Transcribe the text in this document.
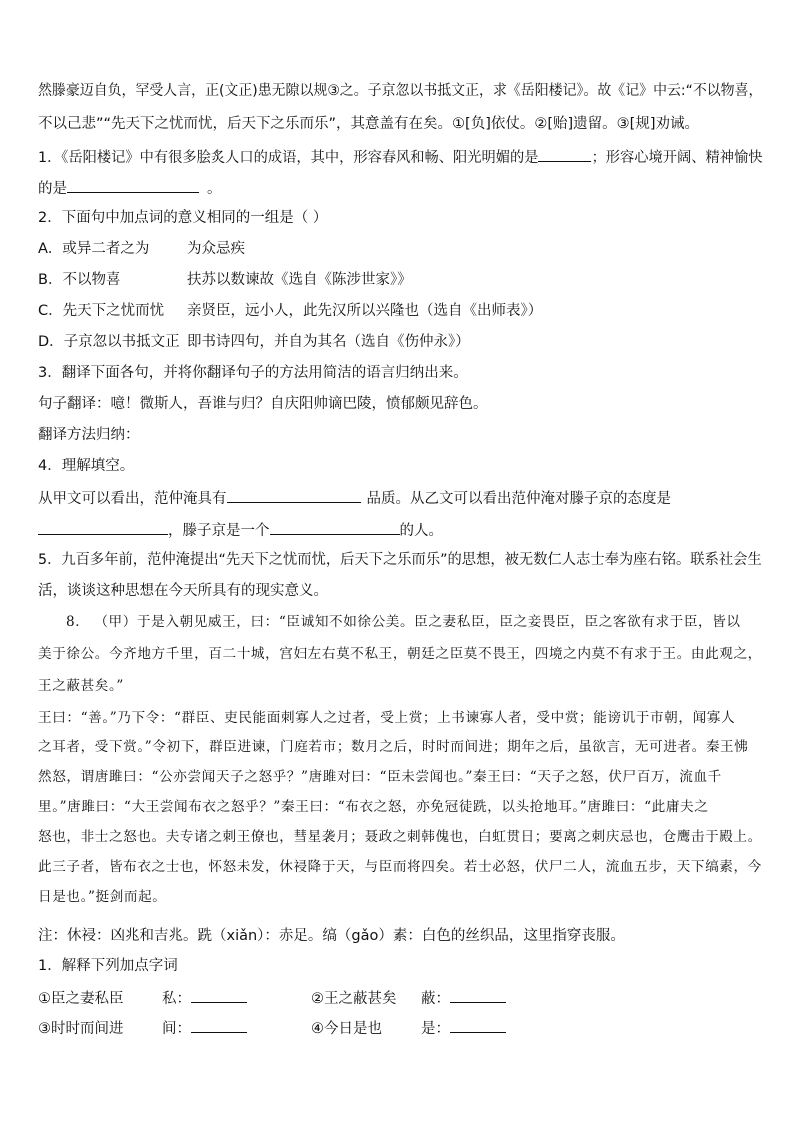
然滕豪迈自负，罕受人言，正(文正)患无隙以规③之。子京忽以书抵文正，求《岳阳楼记》。故《记》中云:“不以物喜，
不以己悲”“先天下之忧而忧，后天下之乐而乐”，其意盖有在矣。①[负]依仗。②[贻]遗留。③[规]劝诫。
1．《岳阳楼记》中有很多脍炙人口的成语，其中，形容春风和畅、阳光明媚的是	；形容心境开阔、精神愉快
的是	。
2．下面句中加点词的意义相同的一组是（ ）
A．或异二者之为	为众忌疾
B．不以物喜	扶苏以数谏故《选自《陈涉世家》》
C．先天下之忧而忧 亲贤臣，远小人，此先汉所以兴隆也（选自《出师表》）
D．子京忽以书抵文正 即书诗四句，并自为其名（选自《伤仲永》）
3．翻译下面各句，并将你翻译句子的方法用简洁的语言归纳出来。
句子翻译：噫！微斯人，吾谁与归？自庆阳帅谪巴陵，愤郁颇见辞色。
翻译方法归纳：
4．理解填空。
从甲文可以看出，范仲淹具有	品质。从乙文可以看出范仲淹对滕子京的态度是
，滕子京是一个	的人。
5．九百多年前，范仲淹提出“先天下之忧而忧，后天下之乐而乐”的思想，被无数仁人志士奉为座右铭。联系社会生
活，谈谈这种思想在今天所具有的现实意义。
8． （甲）于是入朝见威王，曰：“臣诚知不如徐公美。臣之妻私臣，臣之妾畏臣，臣之客欲有求于臣，皆以
美于徐公。今齐地方千里，百二十城，宫妇左右莫不私王，朝廷之臣莫不畏王，四境之内莫不有求于王。由此观之，
王之蔽甚矣。”
王曰：“善。”乃下令：“群臣、吏民能面刺寡人之过者，受上赏；上书谏寡人者，受中赏；能谤讥于市朝，闻寡人
之耳者，受下赏。”令初下，群臣进谏，门庭若市；数月之后，时时而间进；期年之后，虽欲言，无可进者。秦王怫
然怒，谓唐雎曰：“公亦尝闻天子之怒乎？”唐雎对曰：“臣未尝闻也。”秦王曰：“天子之怒，伏尸百万，流血千
里。”唐雎曰：“大王尝闻布衣之怒乎？”秦王曰：“布衣之怒，亦免冠徒跣，以头抢地耳。”唐雎曰：“此庸夫之
怒也，非士之怒也。夫专诸之刺王僚也，彗星袭月；聂政之刺韩傀也，白虹贯日；要离之刺庆忌也，仓鹰击于殿上。
此三子者，皆布衣之士也，怀怒未发，休祲降于天，与臣而将四矣。若士必怒，伏尸二人，流血五步，天下缟素，今
日是也。”挺剑而起。
注：休祲：凶兆和吉兆。跣（xiǎn）：赤足。缟（gǎo）素：白色的丝织品，这里指穿丧服。
1．解释下列加点字词
①臣之妻私臣	私：	②王之蔽甚矣 蔽：
③时时而间进	间：	④今日是也	是：
